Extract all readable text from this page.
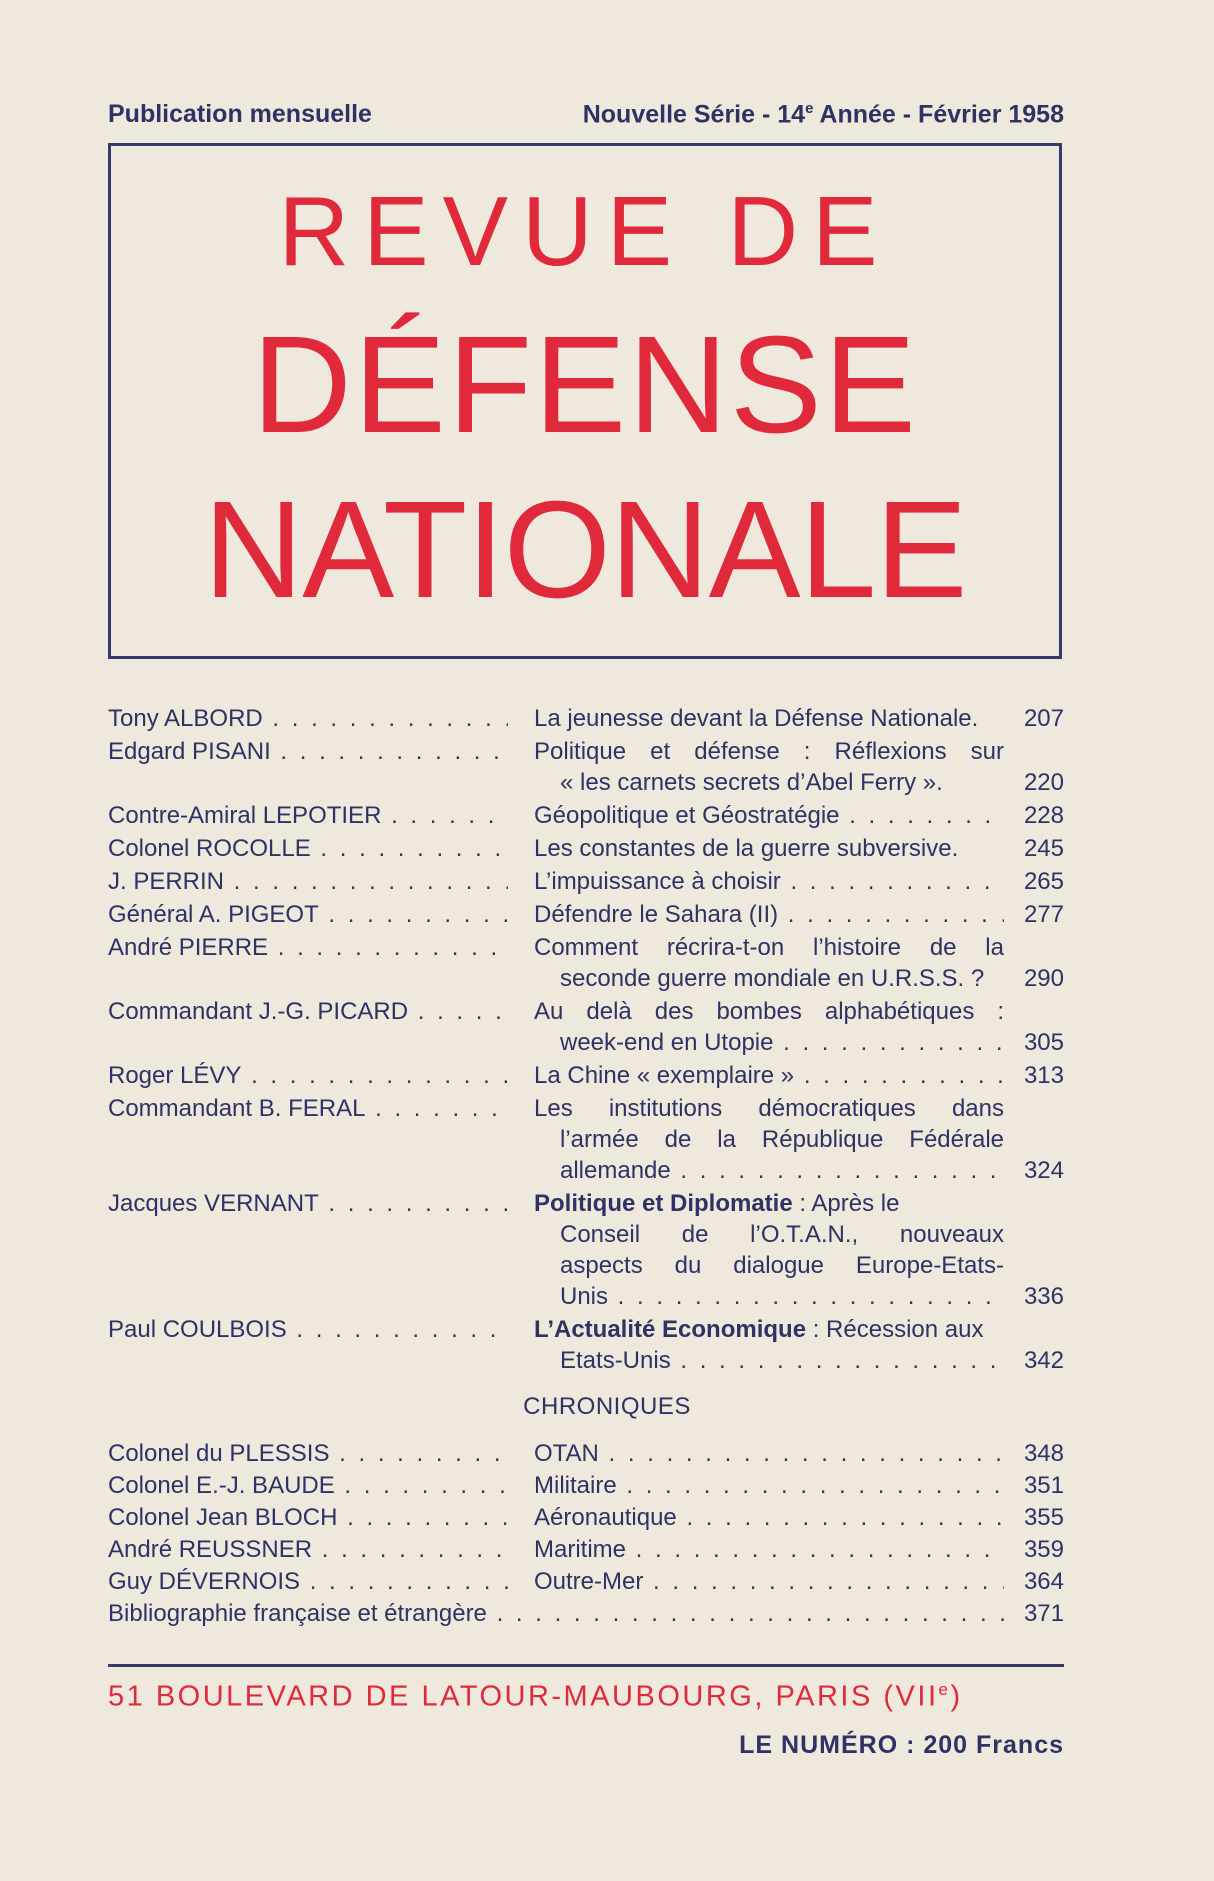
Publication mensuelle	Nouvelle Série - 14e Année - Février 1958
REVUE DE
DÉFENSE
NATIONALE
Tony ALBORD . . .	La jeunesse devant la Défense Nationale.	207
Edgard PISANI . . .	Politique et défense : Réflexions sur
« les carnets secrets d’Abel Ferry ».	220
Contre-Amiral LEPOTIER . . .	Géopolitique et Géostratégie . . .	228
Colonel ROCOLLE . . .	Les constantes de la guerre subversive.	245
J. PERRIN . . .	L’impuissance à choisir . . .	265
Général A. PIGEOT . . .	Défendre le Sahara (II) . . .	277
André PIERRE . . .	Comment récrira-t-on l’histoire de la
seconde guerre mondiale en U.R.S.S. ?	290
Commandant J.-G. PICARD . . .	Au delà des bombes alphabétiques :
week-end en Utopie . . .	305
Roger LÉVY . . .	La Chine « exemplaire » . . .	313
Commandant B. FERAL . . .	Les institutions démocratiques dans
l’armée de la République Fédérale
allemande . . .	324
Jacques VERNANT . . .	Politique et Diplomatie : Après le
Conseil de l’O.T.A.N., nouveaux
aspects du dialogue Europe-Etats-
Unis . . .	336
Paul COULBOIS . . .	L’Actualité Economique : Récession aux
Etats-Unis . . .	342
CHRONIQUES
Colonel du PLESSIS . . .	OTAN . . .	348
Colonel E.-J. BAUDE . . .	Militaire . . .	351
Colonel Jean BLOCH . . .	Aéronautique . . .	355
André REUSSNER . . .	Maritime . . .	359
Guy DÉVERNOIS . . .	Outre-Mer . . .	364
Bibliographie française et étrangère . . .	371
51 BOULEVARD DE LATOUR-MAUBOURG, PARIS (VIIe)
LE NUMÉRO : 200 Francs
